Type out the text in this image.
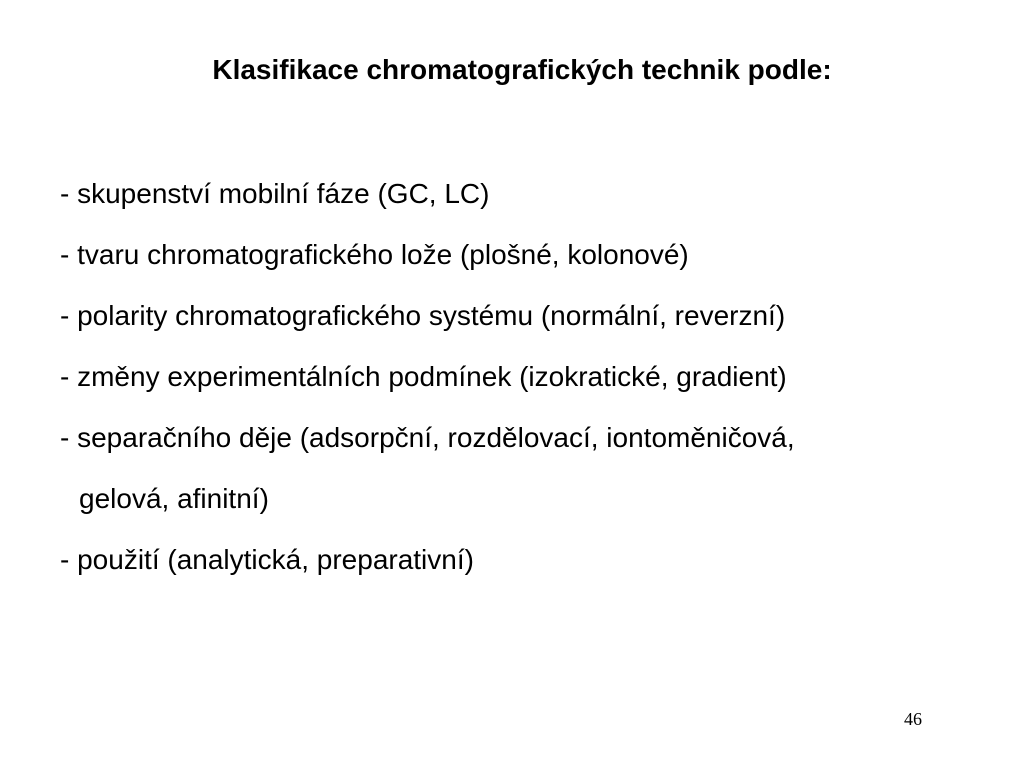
Klasifikace chromatografických technik podle:
- skupenství mobilní fáze (GC, LC)
- tvaru chromatografického lože (plošné, kolonové)
- polarity chromatografického systému (normální, reverzní)
- změny experimentálních podmínek (izokratické, gradient)
- separačního děje (adsorpční, rozdělovací, iontoměničová,
gelová, afinitní)
- použití (analytická, preparativní)
46
